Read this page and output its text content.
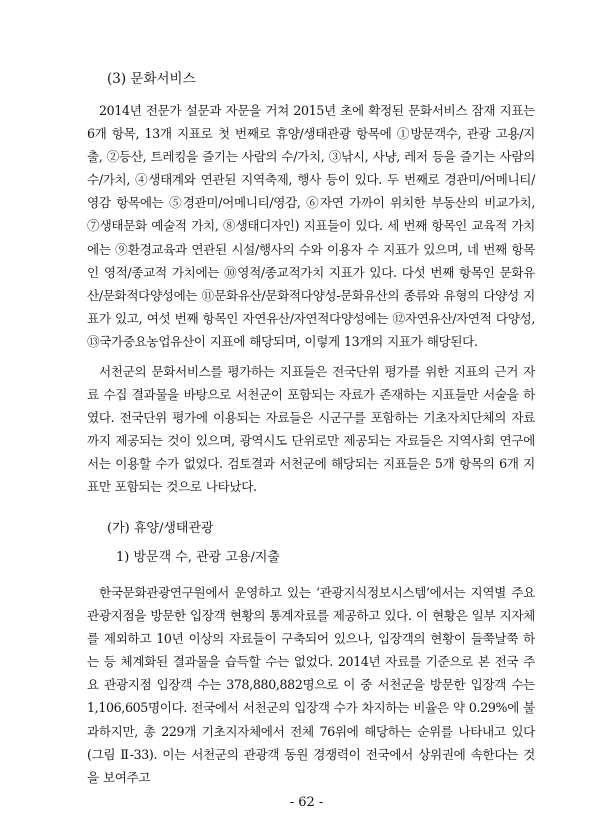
(3) 문화서비스

2014년 전문가 설문과 자문을 거쳐 2015년 초에 확정된 문화서비스 잠재 지표는 6개 항목, 13개 지표로 첫 번째로 휴양/생태관광 항목에 ①방문객수, 관광 고용/지출, ②등산, 트레킹을 즐기는 사람의 수/가치, ③낚시, 사냥, 레저 등을 즐기는 사람의 수/가치, ④생태계와 연관된 지역축제, 행사 등이 있다. 두 번째로 경관미/어메니티/영감 항목에는 ⑤경관미/어메니티/영감, ⑥자연 가까이 위치한 부동산의 비교가치, ⑦생태문화 예술적 가치, ⑧생태디자인) 지표들이 있다. 세 번째 항목인 교육적 가치에는 ⑨환경교육과 연관된 시설/행사의 수와 이용자 수 지표가 있으며, 네 번째 항목인 영적/종교적 가치에는 ⑩영적/종교적가치 지표가 있다. 다섯 번째 항목인 문화유산/문화적다양성에는 ⑪문화유산/문화적다양성-문화유산의 종류와 유형의 다양성 지표가 있고, 여섯 번째 항목인 자연유산/자연적다양성에는 ⑫자연유산/자연적 다양성, ⑬국가중요농업유산이 지표에 해당되며, 이렇게 13개의 지표가 해당된다.

서천군의 문화서비스를 평가하는 지표들은 전국단위 평가를 위한 지표의 근거 자료 수집 결과물을 바탕으로 서천군이 포함되는 자료가 존재하는 지표들만 서술을 하였다. 전국단위 평가에 이용되는 자료들은 시군구를 포함하는 기초자치단체의 자료까지 제공되는 것이 있으며, 광역시도 단위로만 제공되는 자료들은 지역사회 연구에서는 이용할 수가 없었다. 검토결과 서천군에 해당되는 지표들은 5개 항목의 6개 지표만 포함되는 것으로 나타났다.

(가) 휴양/생태관광
1) 방문객 수, 관광 고용/지출

한국문화관광연구원에서 운영하고 있는 ‘관광지식정보시스템’에서는 지역별 주요 관광지점을 방문한 입장객 현황의 통계자료를 제공하고 있다. 이 현황은 일부 지자체를 제외하고 10년 이상의 자료들이 구축되어 있으나, 입장객의 현황이 들쭉날쭉 하는 등 체계화된 결과물을 습득할 수는 없었다. 2014년 자료를 기준으로 본 전국 주요 관광지점 입장객 수는 378,880,882명으로 이 중 서천군을 방문한 입장객 수는 1,106,605명이다. 전국에서 서천군의 입장객 수가 차지하는 비율은 약 0.29%에 불과하지만, 총 229개 기초지자체에서 전체 76위에 해당하는 순위를 나타내고 있다(그림 Ⅱ-33). 이는 서천군의 관광객 동원 경쟁력이 전국에서 상위권에 속한다는 것을 보여주고

- 62 -
